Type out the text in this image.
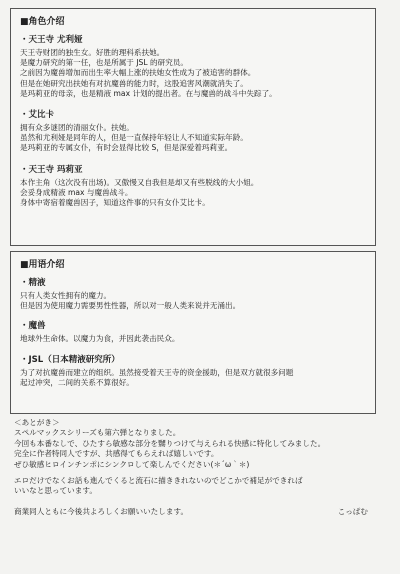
■角色介绍
・天王寺 尤利娅
天王寺财团的独生女。好胜的理科系扶她。
是魔力研究的第一任，也是所属于 JSL 的研究员。
之前因为魔兽增加而出生率大幅上涨的扶她女性成为了被追害的群体。
但是在她研究出扶她有对抗魔兽的能力时，这股追害风潮就消失了。
是玛莉亚的母亲，也是精液 max 计划的提出者。在与魔兽的战斗中失踪了。
・艾比卡
拥有众多谜团的清丽女仆。扶她。
虽然和尤利娅是同年的人，但是一直保持年轻让人不知道实际年龄。
是玛莉亚的专属女仆，有时会显得比较 S，但是深爱着玛莉亚。
・天王寺 玛莉亚
本作主角（这次没有出场)。又傲慢又自我但是却又有些脱线的大小姐。
会妥身成精液 max 与魔兽战斗。
身体中寄宿着魔兽因子，知道这件事的只有女仆艾比卡。
■用语介绍
・精液
只有人类女性拥有的魔力。
但是因为使用魔力需要男性性器，所以对一般人类来说并无涌出。
・魔兽
地球外生命体。以魔力为食，并因此袭击民众。
・JSL（日本精液研究所）
为了对抗魔兽而建立的组织。虽然接受着天王寺的资金援助，但是双方就很多问题
起过冲突，二间的关系不算很好。
＜あとがき＞
スペルマックスシリーズも第六弾となりました。
今回も本番なしで、ひたすら敏感な部分を嬲りつけて与えられる快感に特化してみました。
完全に作者特同人ですが、共感得てもらえれば嬉しいです。
ぜひ敏感ヒロインチンポにシンクロして楽しんでください(＊´ω｀＊)
エロだけでなくお話も進んでくると流石に描ききれないのでどこかで補足ができれば
いいなと思っています。
商業同人ともに今後共よろしくお願いいたします。	こっぱむ
